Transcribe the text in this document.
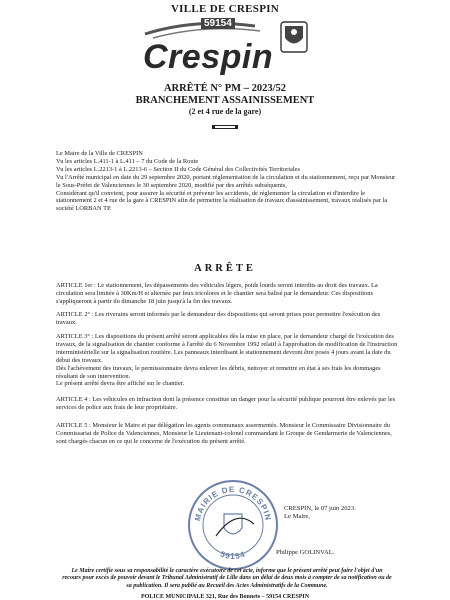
VILLE DE CRESPIN
59154
Crespin
ARRÊTÉ N° PM – 2023/52
BRANCHEMENT ASSAINISSEMENT
(2 et 4 rue de la gare)

Le Maire de la Ville de CRESPIN

Vu les articles L.411-1 à L.411 – 7 du Code de la Route

Vu les articles L.2213-1 à L.2213-6 – Section II du Code Général des Collectivités Territoriales

Vu l'Arrêté municipal en date du 29 septembre 2020, portant réglementation de la circulation et du stationnement, reçu par Monsieur le Sous-Préfet de Valenciennes le 30 septembre 2020, modifié par des arrêtés subséquents,

Considérant qu'il convient, pour assurer la sécurité et prévenir les accidents, de réglementer la circulation et d'interdire le stationnement 2 et 4 rue de la gare à CRESPIN afin de permettre la réalisation de travaux d'assainissement, travaux réalisés par la société LORBAN TP.

ARRÊTE

ARTICLE 1er : Le stationnement, les dépassements des véhicules légers, poids lourds seront interdits au droit des travaux. La circulation sera limitée à 30Km/H et alternée par feux tricolores et le chantier sera balisé par le demandeur. Ces dispositions s'appliqueront à partir du dimanche 18 juin jusqu'à la fin des travaux.

ARTICLE 2° : Les riverains seront informés par le demandeur des dispositions qui seront prises pour permettre l'exécution des travaux.

ARTICLE 3° : Les dispositions du présent arrêté seront applicables dès la mise en place, par le demandeur chargé de l'exécution des travaux, de la signalisation de chantier conforme à l'arrêté du 6 Novembre 1992 relatif à l'approbation de modification de l'instruction interministérielle sur la signalisation routière. Les panneaux interdisant le stationnement devront être posés 4 jours avant la date du début des travaux.

Dès l'achèvement des travaux, le permissionnaire devra enlever les débris, nettoyer et remettre en état à ses frais les dommages résultant de son intervention.

Le présent arrêté devra être affiché sur le chantier.

ARTICLE 4 : Les véhicules en infraction dont la présence constitue un danger pour la sécurité publique pourront être enlevés par les services de police aux frais de leur propriétaire.

ARTICLE 5 : Monsieur le Maire et par délégation les agents communaux assermentés. Monsieur le Commissaire Divisionnaire du Commissariat de Police de Valenciennes, Monsieur le Lieutenant-colonel commandant le Groupe de Gendarmerie de Valenciennes, sont chargés chacun en ce qui le concerne de l'exécution du présent arrêté.

MAIRIE DE CRESPIN
59154
CRESPIN, le 07 juin 2023.
Le Maire,
Philippe GOLINVAL.
Le Maire certifie sous sa responsabilité le caractère exécutoire de cet acte, informe que le présent arrêté peut faire l'objet d'un recours pour excès de pouvoir devant le Tribunal Administratif de Lille dans un délai de deux mois à compter de sa notification ou de sa publication. Il sera publié au Recueil des Actes Administratifs de la Commune.
POLICE MUNICIPALE 321, Rue des Bonnets – 59154 CRESPIN
